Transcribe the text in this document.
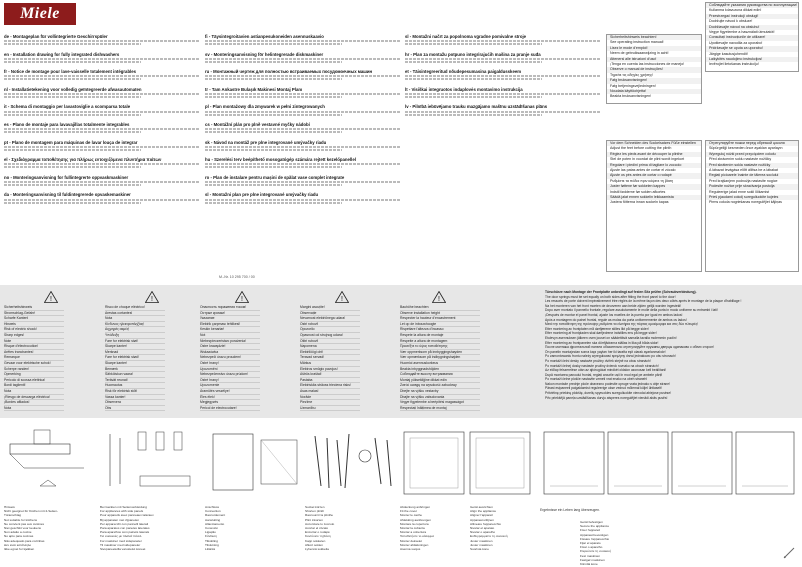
Miele
de - Montageplan für vollintegrierte Geschirrspüler
en - Installation drawing for fully integrated dishwashers
fr - Notice de montage pour lave-vaisselle totalement intégrables
nl - Installatietekening voor volledig geïntegreerde afwasautomaten
it - Schema di montaggio per lavastoviglie a scomparsa totale
es - Plano de montaje para lavavajillas totalmente integrables
pt - Plano de montagem para máquinas de lavar louça de integrar
el - Σχεδιάγραμμα τοποθέτησης για πλήρως εντοιχιζόμενα πλυντήρια πιάτων
no - Monteringsanvisning for fullintegrerte oppvaskmaskiner
da - Monteringsanvisning til fuldintegrerede opvaskemaskiner
fi - Täysintegroitavien astianpesukoneiden asennuskaavio
sv - Monteringsanvisning för helintegrerade diskmaskiner
ru - Монтажный чертеж для полностью встраиваемых посудомоечных машин
tr - Tam Ankastre Bulaşık Makinesi Montaj Planı
pl - Plan montażowy dla zmywarek w pełni zintegrowanych
cs - Montážní plán pro plně vestavné myčky nádobí
sk - Návod na montáž pre plne integrované umývačky riadu
hu - Szerelési terv beépíthető mosogatógép számára rejtett kezelőpanellel
ro - Plan de instalare pentru mașini de spălat vase complet integrate
sl - Montažni plan pre plne integrované umývačky riadu
sl - Montažni načrt za popolnoma vgradne pomivalne stroje
hr - Plan za montažu potpuno integrirajućih mašina za pranje suđa
et - Täisintegreeritud nõudepesumasina paigaldusskeem
lt - Visiškai integruotos indaplovės montavimo instrukcija
lv - Pilnībā iebūvējamo trauku mazgājamo mašīnu uzstādīšanas plāns
M.-Nr. 10 295 700 / 00
Sicherheitshinweis beachten!
See operating instruction manual!
Lisez le mode d'emploi!
Neem de gebruiksaanwijzing in acht!
Attenersi alle istruzioni d'uso!
¡Tenga en cuenta las instrucciones de manejo!
Observe o manual de instruções!
Τηρείτε τις οδηγίες χρήσης!
Følg bruksanvisningen!
Følg betjeningsvejledningen!
Noudata käyttöohjetta!
Beakta bruksanvisningen!
Соблюдайте указания руководства по эксплуатации!
Kullanma kılavuzuna dikkat edin!
Przestrzegać instrukcji obsługi!
Dodržujte návod k obsluze!
Dodržiavajte návod na obsluhu!
Vegye figyelembe a használati útmutatót!
Consultați instrucțiunile de utilizare!
Upoštevajte navodila za uporabo!
Pridržavajte se uputa za uporabu!
Järgige kasutusjuhendit!
Laikykitės naudojimo instrukcijos!
Ievērojiet lietošanas instrukciju!
Vor dem Schneiden des Sockelsatzes Füße einstellen
Adjust the feet before cutting the plinth
Réglez les pieds avant de découper la plinthe
Stel de poten in voordat de plint wordt ingekort
Regolare i piedini prima di tagliare lo zoccolo
Ajuste las patas antes de cortar el zócalo
Ajuste os pés antes de cortar o rodapé
Ρυθμίστε τα πόδια πριν κόψετε τη βάση
Juster føttene før sokkelen kappes
Indstil fødderne før soklen afkortes
Säädä jalat ennen sokkelin leikkaamista
Justera fötterna innan sockeln kapas
Отрегулируйте ножки перед обрезкой цоколя
Süpürgeliği kesmeden önce ayakları ayarlayın
Wyreguluj nóżki przed przycięciem cokołu
Před zkrácením soklu nastavte nožičky
Pred skrátením sokla nastavte nožičky
A lábazat levágása előtt állítsa be a lábakat
Reglați picioarele înainte de tăierea soclului
Pred krajšanjem podnožja nastavite nogice
Podesite nožice prije skraćivanja postolja
Reguleerige jalad enne sokli lõikamist
Prieš pjaudami cokolį sureguliuokite kojeles
Pirms cokola nogriešanas noregulējiet kājiņas
!	!	!	!	!
Sicherheitshinweis
Stromschlag-Gefahr!
Scharfe Kanten!
Hinweis
Risk of electric shock!
Sharp edges!
Note
Risque d'électrocution!
Arêtes tranchantes!
Remarque
Gevaar voor elektrische schok!
Scherpe randen!
Opmerking
Pericolo di scossa elettrica!
Bordi taglienti!
Nota
¡Riesgo de descarga eléctrica!
¡Bordes afilados!
Nota
Risco de choque eléctrico!
Arestas cortantes!
Nota
Κίνδυνος ηλεκτροπληξίας!
Αιχμηρές ακμές!
Υπόδειξη
Fare for elektrisk støt!
Skarpe kanter!
Merknad
Fare for elektrisk stød!
Skarpe kanter!
Bemærk
Sähköiskun vaara!
Terävät reunat!
Huomautus
Risk för elektrisk stöt!
Vassa kanter!
Observera
Obs
Опасность поражения током!
Острые кромки!
Указание
Elektrik çarpması tehlikesi!
Keskin kenarlar!
Not
Niebezpieczeństwo porażenia!
Ostre krawędzie!
Wskazówka
Nebezpečí úrazu proudem!
Ostré hrany!
Upozornění
Nebezpečenstvo úrazu prúdom!
Ostré hrany!
Upozornenie
Áramütés veszélye!
Éles élek!
Megjegyzés
Pericol de electrocutare!
Margini ascuțite!
Observație
Nevarnost električnega udara!
Ostri robovi!
Opozorilo
Opasnost od strujnog udara!
Oštri rubovi!
Napomena
Elektrilöögi oht!
Teravad servad!
Märkus
Elektros smūgio pavojus!
Aštrūs kraštai!
Pastaba
Elektriskās strāvas trieciena risks!
Asas malas!
Norāde
Piezīme
Uzmanību
Bauhöhe beachten
Observe installation height
Respecter la hauteur d'encastrement
Let op de inbouwhoogte
Rispettare l'altezza d'incasso
Respete la altura de montaje
Respeite a altura de montagem
Προσέξτε το ύψος τοποθέτησης
Vær oppmerksom på innbyggingshøyden
Vær opmærksom på indbygningshøjden
Huomioi asennuskorkeus
Beakta inbyggnadshöjden
Соблюдайте высоту встраивания
Montaj yüksekliğine dikkat edin
Zwróć uwagę na wysokość zabudowy
Dbejte na výšku vestavby
Dbajte na výšku zabudovania
Vegye figyelembe a beépítési magasságot
Respectați înălțimea de montaj
Türschürze nach Montage der Frontplatte unbedingt auf festen Sitz prüfen (Schraubverbindung).
The door springs must be set equally on both sides after fitting the front panel to the door!
Les ressorts de porte doivent impérativement être réglés de la même façon des deux côtés après le montage de la plaque d'habillage !
Na het monteren van het front moeten de deurveren aan beide zijden gelijk worden ingesteld!
Dopo aver montato il pannello frontale, regolare assolutamente le molle della porta in modo uniforme su entrambi i lati!
¡Después de montar el panel frontal, ajuste los muelles de la puerta por igual en ambos lados!
Após a montagem do painel frontal, regule as molas da porta uniformemente de ambos os lados!
Μετά την τοποθέτηση της πρόσοψης ρυθμίστε τα ελατήρια της πόρτας ομοιόμορφα και στις δύο πλευρές!
Etter montering av frontplaten må dørfjærene stilles likt på begge sider!
Efter montering af frontpladen skal dørfjedrene indstilles ens på begge sider!
Etulevyn asennuksen jälkeen oven jouset on säädettävä samalla tavalla molemmin puolin!
Efter montering av frontpanelen ska dörrfjädrarna ställas in lika på båda sidor!
После монтажа фронтальной панели обязательно отрегулируйте пружины дверцы одинаково с обеих сторон!
Ön panelin montajından sonra kapı yayları her iki tarafta eşit olarak ayarlanmalıdır!
Po zamontowaniu frontu należy wyregulować sprężyny drzwi jednakowo po obu stronach!
Po montáži čelní desky nastavte pružiny dvířek stejně na obou stranách!
Po montáži čelnej dosky nastavte pružiny dvierok rovnako na oboch stranách!
Az előlap felszerelése után az ajtórugókat mindkét oldalon azonosan kell beállítani!
După montarea panoului frontal, reglați arcurile ușii în mod egal pe ambele părți!
Po montaži čelne plošče nastavite vzmeti vrat enako na obeh straneh!
Nakon montaže prednje ploče obavezno podesite opruge vrata jednako s obje strane!
Pärast esipaneeli paigaldamist reguleerige ukse vedrud mõlemal küljel ühtlaselt!
Pritvirtinę priekinę plokštę, durelių spyruokles sureguliuokite vienodai abiejose pusėse!
Pēc priekšējā paneļa uzstādīšanas durvju atsperes noregulējiet vienādi abās pusēs!
Hinweis
Nicht geeignet für Küchen mit 2-Seiten-
Türanschlag
Not suitable for kitchens
Ne convient pas aux cuisines
Niet geschikt voor keukens
Non adatto a cucine
No apto para cocinas
Não adequado para cozinhas
Δεν είναι κατάλληλο
Ikke egnet for kjøkken
Bei Geräten mit Seitenverkleidung
For appliances with side panels
Pour appareils avec panneaux latéraux
Bij apparaten met zijpanelen
Per apparecchi con pannelli laterali
Para aparatos con paneles laterales
Para aparelhos com painéis laterais
Για συσκευές με πλαϊνά πάνελ
For maskiner med sidepaneler
Til maskiner med sidepaneler
Sivupaneeleilla varustetut koneet
Anschluss
Connection
Raccordement
Aansluiting
Allacciamento
Conexión
Ligação
Σύνδεση
Tilkobling
Tilslutning
Liitäntä
Sockel kürzen
Shorten plinth
Raccourcir la plinthe
Plint inkorten
Accorciare lo zoccolo
Acortar el zócalo
Encurtar o rodapé
Κοντύνετε τη βάση
Kapp sokkelen
Afkort soklen
Lyhennä sokkelia
Abdeckung anbringen
Fit the cover
Monter le cache
Afdekking aanbrengen
Montare la copertura
Montar la cubierta
Montar a cobertura
Τοποθετήστε το κάλυμμα
Monter dekselet
Monter afdækningen
Asenna suojus
Gerät ausrichten
Align the appliance
Aligner l'appareil
Apparaat uitlijnen
Allineare l'apparecchio
Nivelar el aparato
Nivelar o aparelho
Ευθυγραμμίστε τη συσκευή
Juster maskinen
Juster maskinen
Suorista kone
Gerät befestigen
Secure the appliance
Fixer l'appareil
Apparaat bevestigen
Fissare l'apparecchio
Fijar el aparato
Fixar o aparelho
Στερεώστε τη συσκευή
Fest maskinen
Fastgør maskinen
Kiinnitä kone
Ergebnisse ein Leben lang überzeugen.
